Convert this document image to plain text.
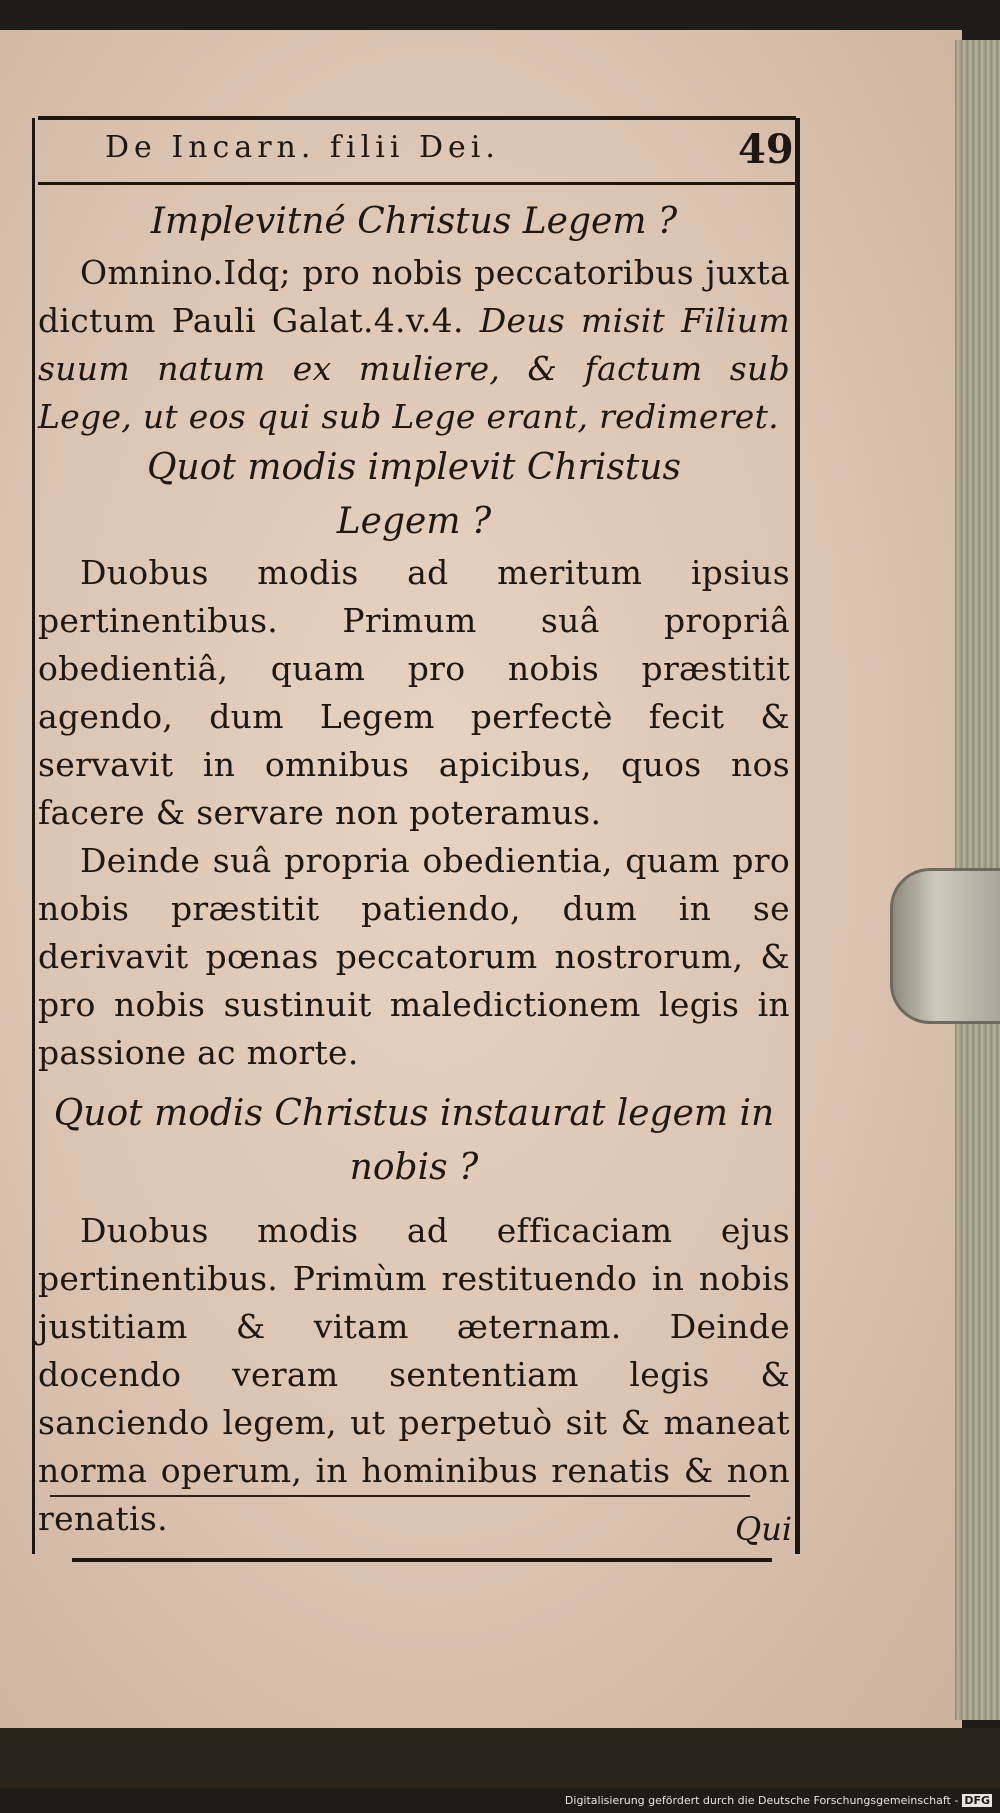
De Incarn. filii Dei.	49

Implevitné Christus Legem ?

Omnino.Idq; pro nobis peccatoribus juxta dictum Pauli Galat.4.v.4. Deus misit Filium suum natum ex muliere, & factum sub Lege, ut eos qui sub Lege erant, redimeret.

Quot modis implevit Christus
Legem ?

Duobus modis ad meritum ipsius pertinentibus. Primum suâ propriâ obedientiâ, quam pro nobis præstitit agendo, dum Legem perfectè fecit & servavit in omnibus apicibus, quos nos facere & servare non poteramus.

Deinde suâ propria obedientia, quam pro nobis præstitit patiendo, dum in se derivavit pœnas peccatorum nostrorum, & pro nobis sustinuit maledictionem legis in passione ac morte.

Quot modis Christus instaurat legem in
nobis ?

Duobus modis ad efficaciam ejus pertinentibus. Primùm restituendo in nobis justitiam & vitam æternam. Deinde docendo veram sententiam legis & sanciendo legem, ut perpetuò sit & maneat norma operum, in hominibus renatis & non renatis.	Qui
Digitalisierung gefördert durch die Deutsche Forschungsgemeinschaft - DFG
